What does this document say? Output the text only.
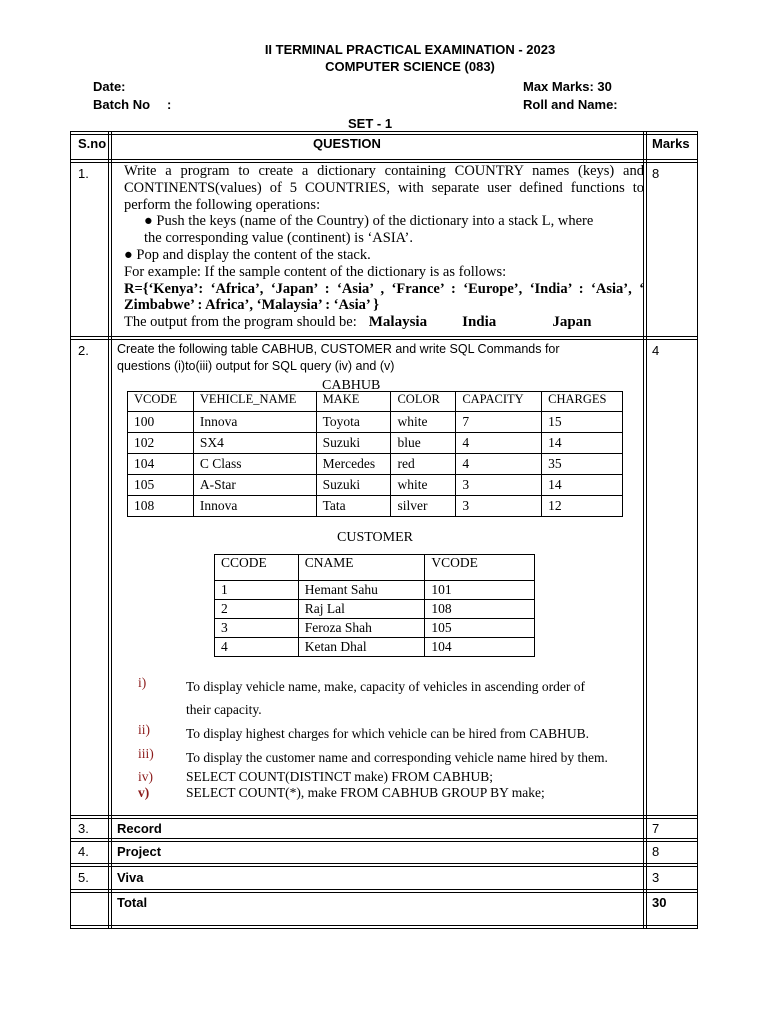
II TERMINAL PRACTICAL EXAMINATION - 2023
COMPUTER SCIENCE (083)
Date:	Max Marks: 30
Batch No :	Roll and Name:
SET - 1
S.no	QUESTION	Marks
1.	8

Write a program to create a dictionary containing COUNTRY names (keys) and

CONTINENTS(values) of 5 COUNTRIES, with separate user defined functions to

perform the following operations:

● Push the keys (name of the Country) of the dictionary into a stack L, where

the corresponding value (continent) is ‘ASIA’.

● Pop and display the content of the stack.

For example: If the sample content of the dictionary is as follows:

R={‘Kenya’: ‘Africa’, ‘Japan’ : ‘Asia’ , ‘France’ : ‘Europe’, ‘India’ : ‘Asia’, ‘

Zimbabwe’ : Africa’, ‘Malaysia’ : ‘Asia’ }

The output from the program should be: Malaysia India	Japan

2.	4
Create the following table CABHUB, CUSTOMER and write SQL Commands for
questions (i)to(iii) output for SQL query (iv) and (v)
CABHUB
VCODE	VEHICLE_NAME	MAKE	COLOR	CAPACITY	CHARGES
100	Innova	Toyota	white	7	15
102	SX4	Suzuki	blue	4	14
104	C Class	Mercedes	red	4	35
105	A-Star	Suzuki	white	3	14
108	Innova	Tata	silver	3	12
CUSTOMER
CCODE	CNAME	VCODE
1	Hemant Sahu	101
2	Raj Lal	108
3	Feroza Shah	105
4	Ketan Dhal	104
i)	To display vehicle name, make, capacity of vehicles in ascending order of
their capacity.
ii)	To display highest charges for which vehicle can be hired from CABHUB.
iii) To display the customer name and corresponding vehicle name hired by them.
iv) SELECT COUNT(DISTINCT make) FROM CABHUB;
v)	SELECT COUNT(*), make FROM CABHUB GROUP BY make;
3. Record	7
4. Project	8
5. Viva	3
Total	30
